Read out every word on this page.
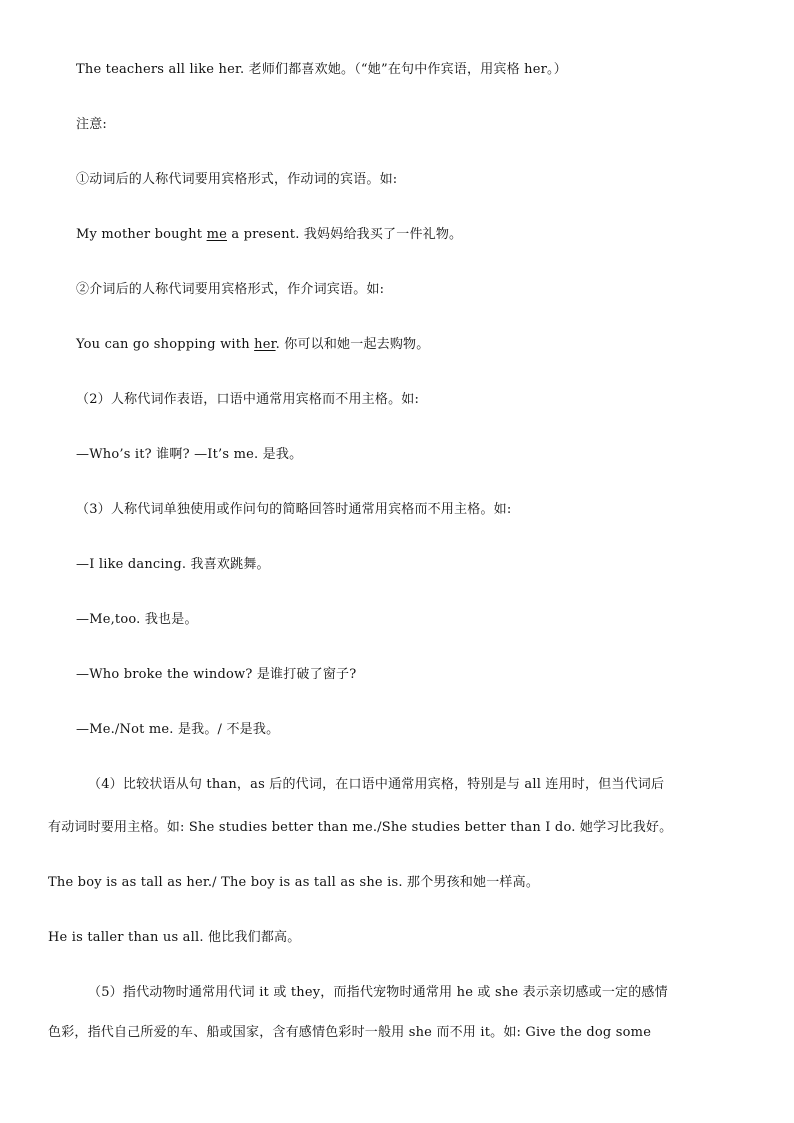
The teachers all like her. 老师们都喜欢她。（“她”在句中作宾语，用宾格 her。）
注意:
①动词后的人称代词要用宾格形式，作动词的宾语。如:
My mother bought me a present. 我妈妈给我买了一件礼物。
②介词后的人称代词要用宾格形式，作介词宾语。如:
You can go shopping with her. 你可以和她一起去购物。
（2）人称代词作表语，口语中通常用宾格而不用主格。如:
—Who’s it? 谁啊? —It’s me. 是我。
（3）人称代词单独使用或作问句的简略回答时通常用宾格而不用主格。如:
—I like dancing. 我喜欢跳舞。
—Me,too. 我也是。
—Who broke the window? 是谁打破了窗子?
—Me./Not me. 是我。/ 不是我。
（4）比较状语从句 than，as 后的代词，在口语中通常用宾格，特别是与 all 连用时，但当代词后
有动词时要用主格。如: She studies better than me./She studies better than I do. 她学习比我好。
The boy is as tall as her./ The boy is as tall as she is. 那个男孩和她一样高。
He is taller than us all. 他比我们都高。
（5）指代动物时通常用代词 it 或 they，而指代宠物时通常用 he 或 she 表示亲切感或一定的感情
色彩，指代自己所爱的车、船或国家，含有感情色彩时一般用 she 而不用 it。如: Give the dog some
